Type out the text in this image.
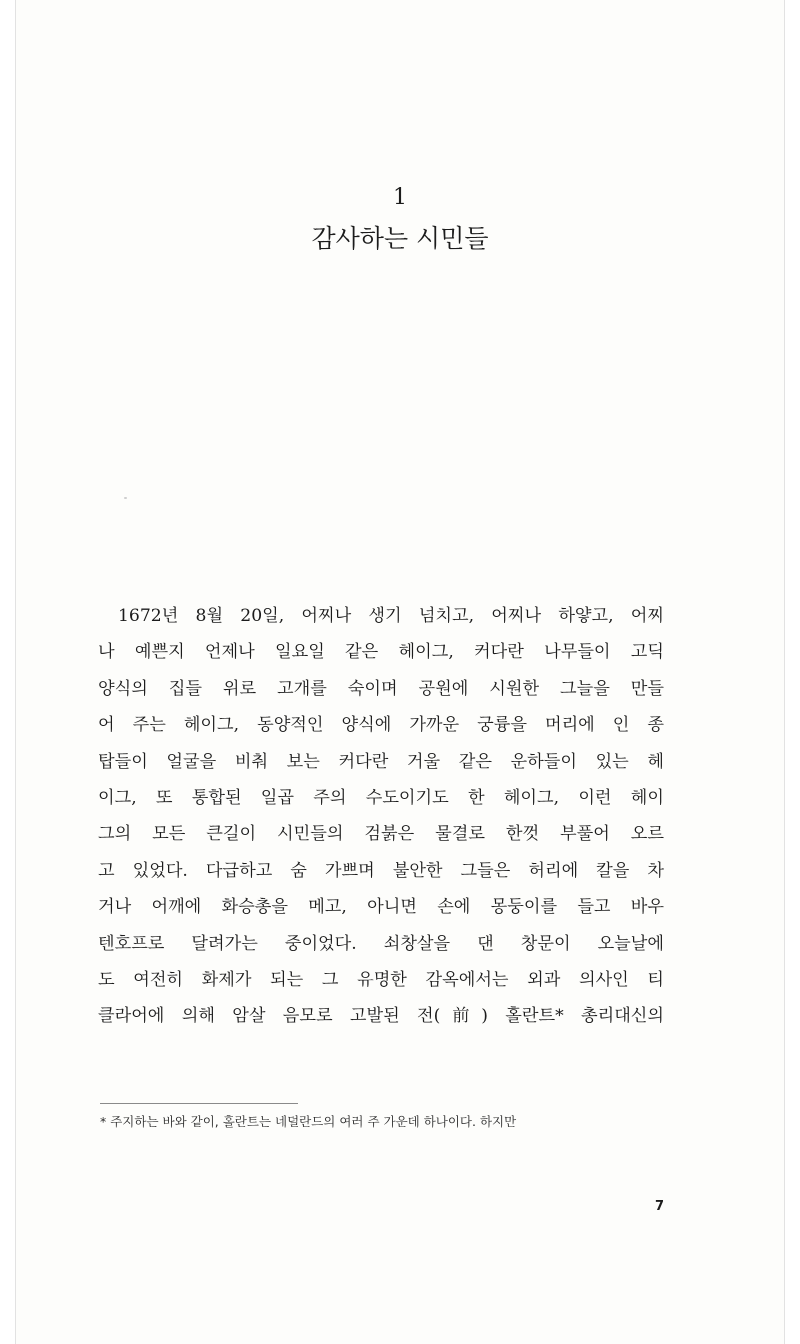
1
감사하는 시민들

1672년 8월 20일, 어찌나 생기 넘치고, 어찌나 하얗고, 어찌
나 예쁜지 언제나 일요일 같은 헤이그, 커다란 나무들이 고딕
양식의 집들 위로 고개를 숙이며 공원에 시원한 그늘을 만들
어 주는 헤이그, 동양적인 양식에 가까운 궁륭을 머리에 인 종
탑들이 얼굴을 비춰 보는 커다란 거울 같은 운하들이 있는 헤
이그, 또 통합된 일곱 주의 수도이기도 한 헤이그, 이런 헤이
그의 모든 큰길이 시민들의 검붉은 물결로 한껏 부풀어 오르
고 있었다. 다급하고 숨 가쁘며 불안한 그들은 허리에 칼을 차
거나 어깨에 화승총을 메고, 아니면 손에 몽둥이를 들고 바우
텐호프로 달려가는 중이었다. 쇠창살을 댄 창문이 오늘날에
도 여전히 화제가 되는 그 유명한 감옥에서는 외과 의사인 티
클라어에 의해 암살 음모로 고발된 전(前) 홀란트* 총리대신의

* 주지하는 바와 같이, 홀란트는 네덜란드의 여러 주 가운데 하나이다. 하지만
7
